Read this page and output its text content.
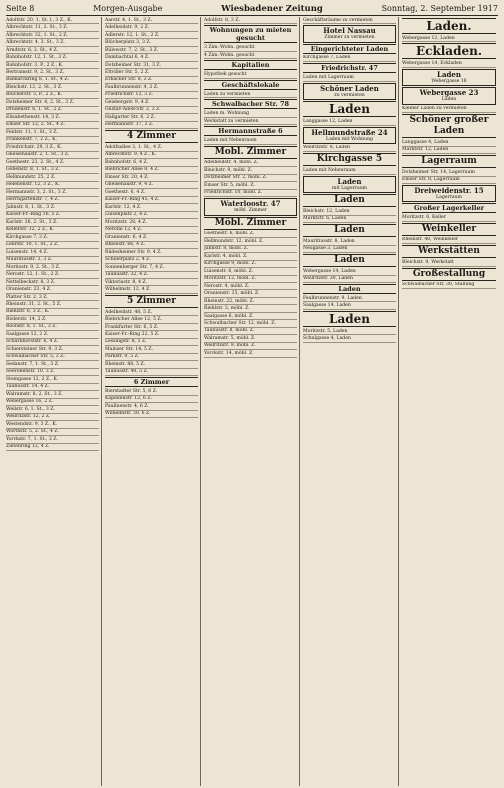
Seite 8	Morgen-Ausgabe	Wiesbadener Zeitung	Sonntag, 2. September 1917
Adolfstr. 20, 1. St. l., 3 Z., K.
Albrechtstr. 11, 2. St., 3 Z.
Albrechtstr. 32, 1. St., 2 Z.
Albrechtstr. 4, 3. St., 3 Z.
Arndtstr. 6, 2. St., 4 Z.
Bahnhofstr. 12, 1. St., 3 Z.
Bahnhofstr. 3, P., 2 Z., K.
Bertramstr. 9, 2. St., 3 Z.
Bismarckring 8, 1. St., 4 Z.
Bleichstr. 12, 2. St., 3 Z.
Blücherstr. 5, P., 2 Z., K.
Dotzheimer Str. 8, 2. St., 3 Z.
Drudenstr. 6, 1. St., 2 Z.
Elisabethenstr. 14, 3 Z.
Emser Str. 12, 2. St., 4 Z.
Feldstr. 11, 1. St., 3 Z.
Frankenstr. 7, 2 Z., K.
Friedrichstr. 29, 3 Z., K.
Gneisenaustr. 2, 1. St., 3 Z.
Goethestr. 23, 2. St., 4 Z.
Göbenstr. 8, 1. St., 3 Z.
Hellmundstr. 25, 2 Z.
Helenenstr. 12, 3 Z., K.
Hermannstr. 3, 2. St., 3 Z.
Herrngartenstr. 7, 4 Z.
Jahnstr. 6, 1. St., 3 Z.
Kaiser-Fr.-Ring 16, 5 Z.
Karlstr. 38, 2. St., 3 Z.
Kellerstr. 12, 2 Z., K.
Kirchgasse 7, 3 Z.
Lehrstr. 10, 1. St., 2 Z.
Luisenstr. 14, 4 Z.
Mauritiusstr. 3, 3 Z.
Moritzstr. 9, 2. St., 3 Z.
Nerostr. 12, 1. St., 2 Z.
Nettelbeckstr. 8, 3 Z.
Oranienstr. 23, 4 Z.
Platter Str. 2, 3 Z.
Rheinstr. 31, 2. St., 5 Z.
Riehlstr. 6, 3 Z., K.
Röderstr. 14, 2 Z.
Roonstr. 8, 1. St., 3 Z.
Saalgasse 12, 2 Z.
Scharnhorststr. 6, 4 Z.
Schiersteiner Str. 9, 3 Z.
Schwalbacher Str. 5, 2 Z.
Sedanstr. 7, 1. St., 3 Z.
Seerobenstr. 10, 3 Z.
Steingasse 12, 2 Z., K.
Taunusstr. 14, 4 Z.
Walramstr. 8, 2. St., 3 Z.
Webergasse 16, 2 Z.
Weilstr. 6, 1. St., 3 Z.
Wellritzstr. 12, 2 Z.
Westendstr. 9, 3 Z., K.
Wörthstr. 5, 2. St., 4 Z.
Yorckstr. 7, 1. St., 3 Z.
Zietenring 12, 4 Z.
Aarstr. 4, 1. St., 3 Z.
Adelheidstr. 9, 2 Z.
Adlerstr. 12, 1. St., 2 Z.
Blücherplatz 3, 3 Z.
Bülowstr. 7, 2. St., 3 Z.
Dambachtal 6, 4 Z.
Dotzheimer Str. 31, 3 Z.
Eltviller Str. 5, 2 Z.
Erbacher Str. 8, 3 Z.
Faulbrunnenstr. 4, 2 Z.
Friedrichstr. 12, 3 Z.
Geisbergstr. 9, 4 Z.
Gustav-Adolf-Str. 2, 3 Z.
Hallgarter Str. 6, 2 Z.
Hermannstr. 17, 3 Z.
4 Zimmer
Adolfsallee 3, 1. St., 4 Z.
Albrechtstr. 9, 4 Z., K.
Bahnhofstr. 6, 4 Z.
Biebricher Allee 8, 4 Z.
Emser Str. 20, 4 Z.
Gneisenaustr. 9, 4 Z.
Goethestr. 6, 4 Z.
Kaiser-Fr.-Ring 45, 4 Z.
Karlstr. 12, 4 Z.
Luisenplatz 2, 4 Z.
Moritzstr. 28, 4 Z.
Nerotal 12, 4 Z.
Oranienstr. 6, 4 Z.
Rheinstr. 66, 4 Z.
Rüdesheimer Str. 9, 4 Z.
Schillerplatz 2, 4 Z.
Sonnenberger Str. 7, 4 Z.
Taunusstr. 32, 4 Z.
Viktoriastr. 8, 4 Z.
Wilhelmstr. 12, 4 Z.
5 Zimmer
Adelheidstr. 48, 5 Z.
Biebricher Allee 12, 5 Z.
Frankfurter Str. 6, 5 Z.
Kaiser-Fr.-Ring 22, 5 Z.
Lessingstr. 8, 5 Z.
Mainzer Str. 14, 5 Z.
Parkstr. 9, 5 Z.
Rheinstr. 88, 5 Z.
Taunusstr. 40, 5 Z.
6 Zimmer
Bierstadter Str. 5, 6 Z.
Kapellenstr. 12, 6 Z.
Paulinenstr. 4, 6 Z.
Wilhelmstr. 30, 6 Z.
Adolfstr. 8, 3 Z.
Wohnungen zu mieten gesucht
3 Zim.-Wohn. gesucht
4 Zim.-Wohn. gesucht
Kapitalien
Hypothek gesucht
Geschäftslokale
Laden zu vermieten
Schwalbacher Str. 78
Laden m. Wohnung
Werkstatt zu vermieten
Hermannstraße 6
Laden mit Nebenraum
Mobl. Zimmer
Adelheidstr. 4, möbl. Z.
Bleichstr. 9, möbl. Z.
Dotzheimer Str. 2, möbl. Z.
Emser Str. 5, möbl. Z.
Friedrichstr. 10, möbl. Z.
Waterloostr. 47
möbl. Zimmer
Möbl. Zimmer
Goethestr. 6, möbl. Z.
Hellmundstr. 12, möbl. Z.
Jahnstr. 8, möbl. Z.
Karlstr. 4, möbl. Z.
Kirchgasse 9, möbl. Z.
Luisenstr. 6, möbl. Z.
Moritzstr. 12, möbl. Z.
Nerostr. 4, möbl. Z.
Oranienstr. 15, möbl. Z.
Rheinstr. 22, möbl. Z.
Riehlstr. 3, möbl. Z.
Saalgasse 6, möbl. Z.
Schwalbacher Str. 12, möbl. Z.
Taunusstr. 8, möbl. Z.
Walramstr. 5, möbl. Z.
Wellritzstr. 9, möbl. Z.
Yorckstr. 14, möbl. Z.
Geschäftsräume zu vermieten
Hotel Nassau
Zimmer zu vermieten
Eingerichteter Laden
Kirchgasse 7, Laden
Friedrichstr. 47
Laden mit Lagerraum
Schöner Laden
zu vermieten
Laden
Langgasse 12, Laden
Hellmundstraße 24
Laden mit Wohnung
Wellritzstr. 8, Laden
Kirchgasse 5
Laden mit Nebenraum
Laden
mit Lagerraum
Laden
Bleichstr. 12, Laden
Marktstr. 6, Laden
Laden
Mauritiusstr. 8, Laden
Neugasse 3, Laden
Laden
Webergasse 14, Laden
Wellritzstr. 20, Laden
Laden
Faulbrunnenstr. 9, Laden
Saalgasse 14, Laden
Laden
Moritzstr. 5, Laden
Schulgasse 4, Laden
Laden.
Webergasse 12, Laden
Eckladen.
Webergasse 14, Eckladen
Laden
Webergasse 16
Webergasse 23
Laden
Kleiner Laden zu vermieten
Schöner großer Laden
Langgasse 4, Laden
Marktstr. 12, Laden
Lagerraum
Dotzheimer Str. 14, Lagerraum
Emser Str. 8, Lagerraum
Dreiweidenstr. 15
Lagerraum
Großer Lagerkeller
Moritzstr. 6, Keller
Weinkeller
Rheinstr. 40, Weinkeller
Werkstätten
Bleichstr. 9, Werkstatt
Großestallung
Schwalbacher Str. 30, Stallung
